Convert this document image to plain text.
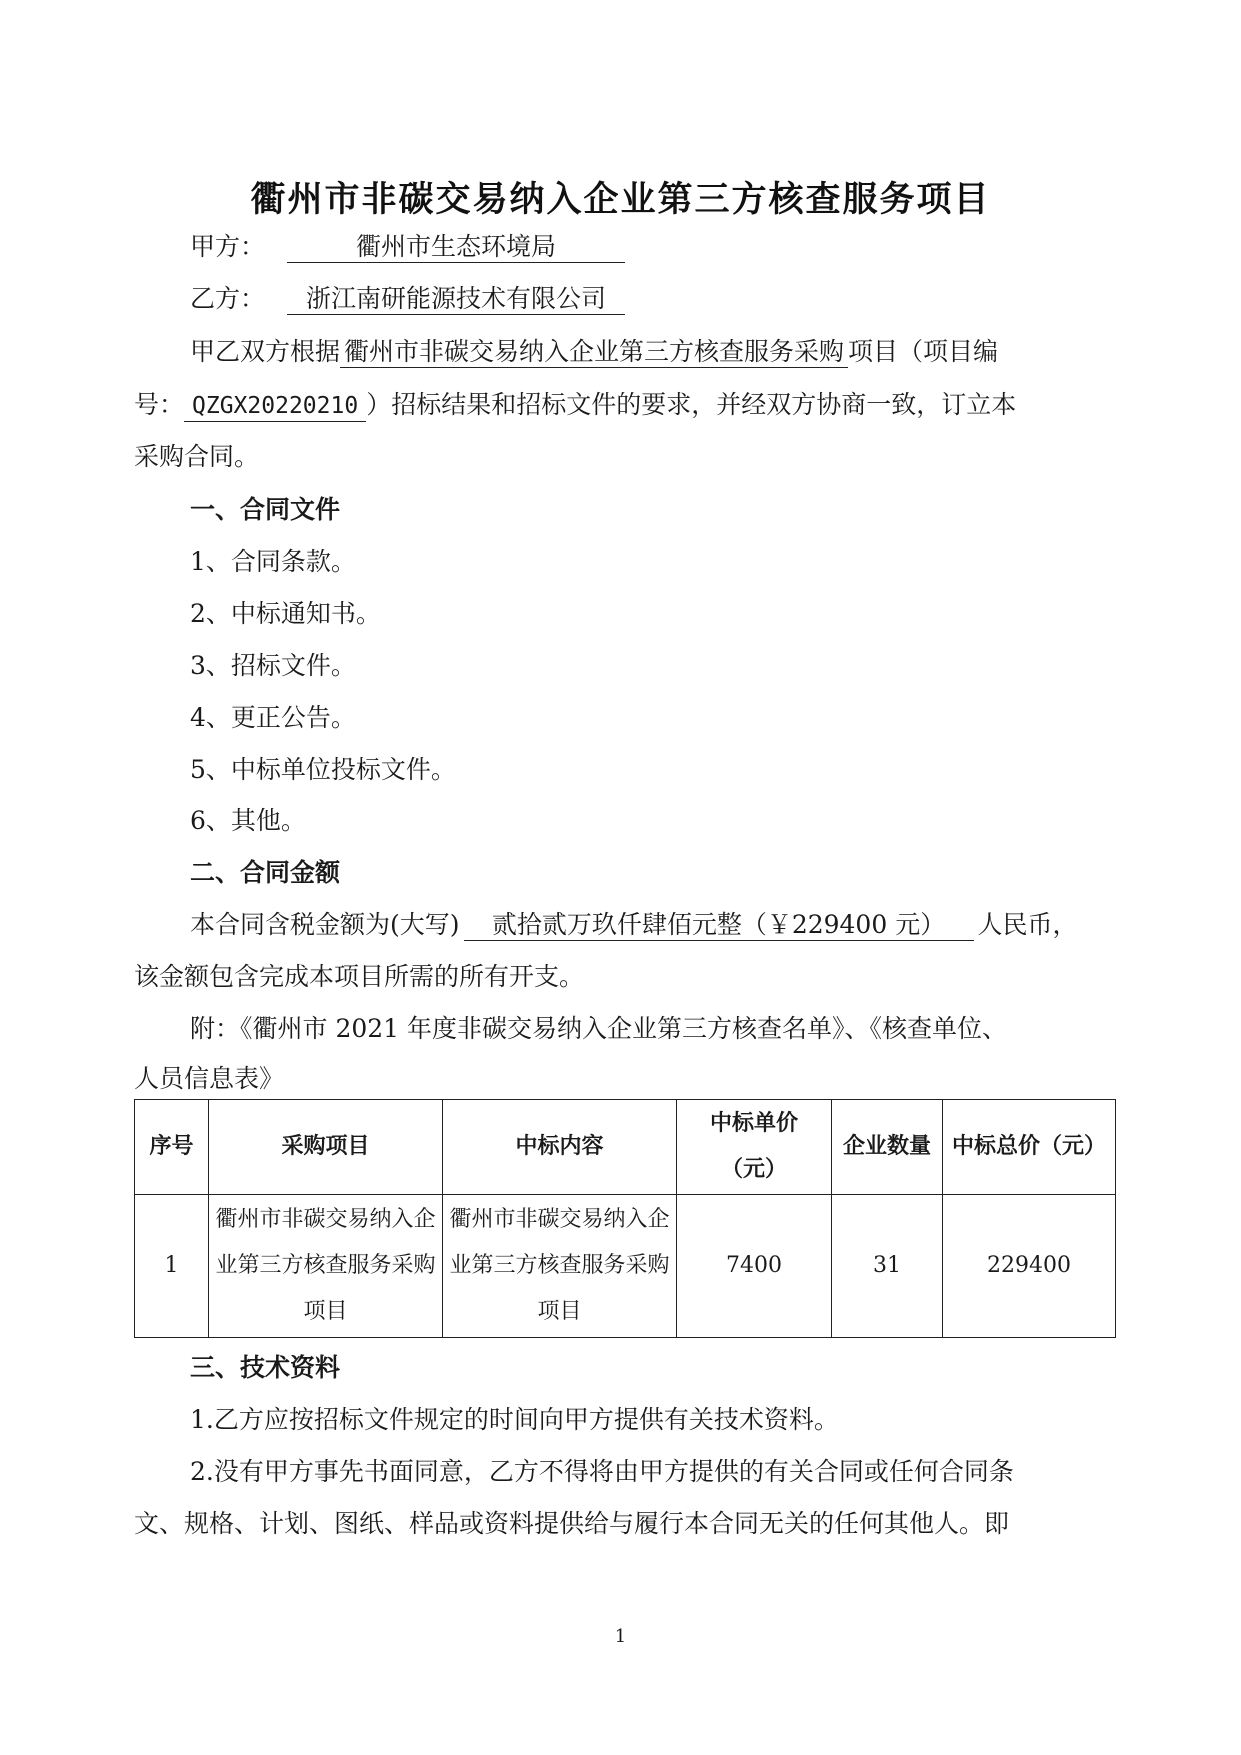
衢州市非碳交易纳入企业第三方核查服务项目
甲方：	衢州市生态环境局
乙方： 浙江南研能源技术有限公司
甲乙双方根据 衢州市非碳交易纳入企业第三方核查服务采购 项目（项目编
号： QZGX20220210 ）招标结果和招标文件的要求，并经双方协商一致，订立本
采购合同。
一、合同文件
1、合同条款。
2、中标通知书。
3、招标文件。
4、更正公告。
5、中标单位投标文件。
6、其他。
二、合同金额
本合同含税金额为(大写) 贰拾贰万玖仟肆佰元整（￥229400 元） 人民币，
该金额包含完成本项目所需的所有开支。
附：《衢州市 2021 年度非碳交易纳入企业第三方核查名单》、《核查单位、
人员信息表》
序号	采购项目	中标内容	中标单价（元）	企业数量	中标总价（元）
1	衢州市非碳交易纳入企业第三方核查服务采购项目	衢州市非碳交易纳入企业第三方核查服务采购项目	7400	31	229400
三、技术资料
1.乙方应按招标文件规定的时间向甲方提供有关技术资料。
2.没有甲方事先书面同意，乙方不得将由甲方提供的有关合同或任何合同条
文、规格、计划、图纸、样品或资料提供给与履行本合同无关的任何其他人。即
1
